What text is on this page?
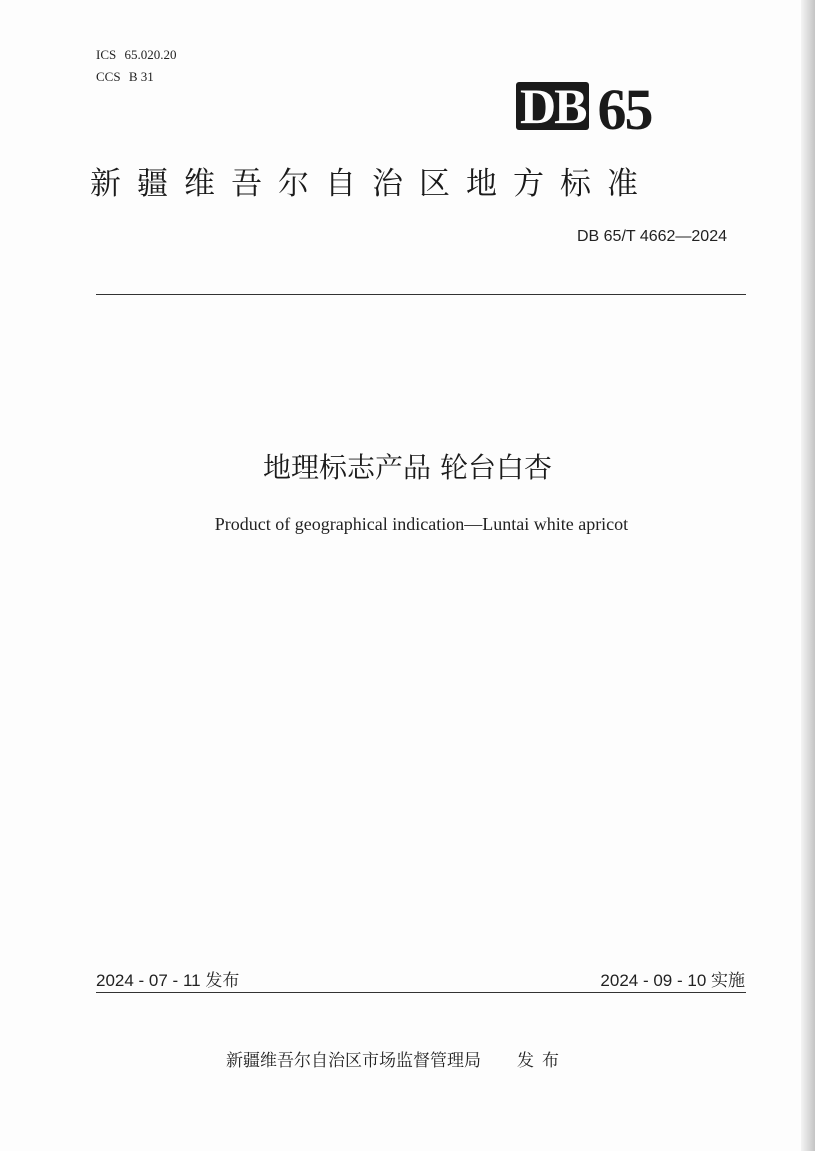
ICS 65.020.20
CCS B 31
DB 65
新疆维吾尔自治区地方标准
DB 65/T 4662—2024
地理标志产品 轮台白杏
Product of geographical indication—Luntai white apricot
2024 - 07 - 11 发布	2024 - 09 - 10 实施
新疆维吾尔自治区市场监督管理局 发布
